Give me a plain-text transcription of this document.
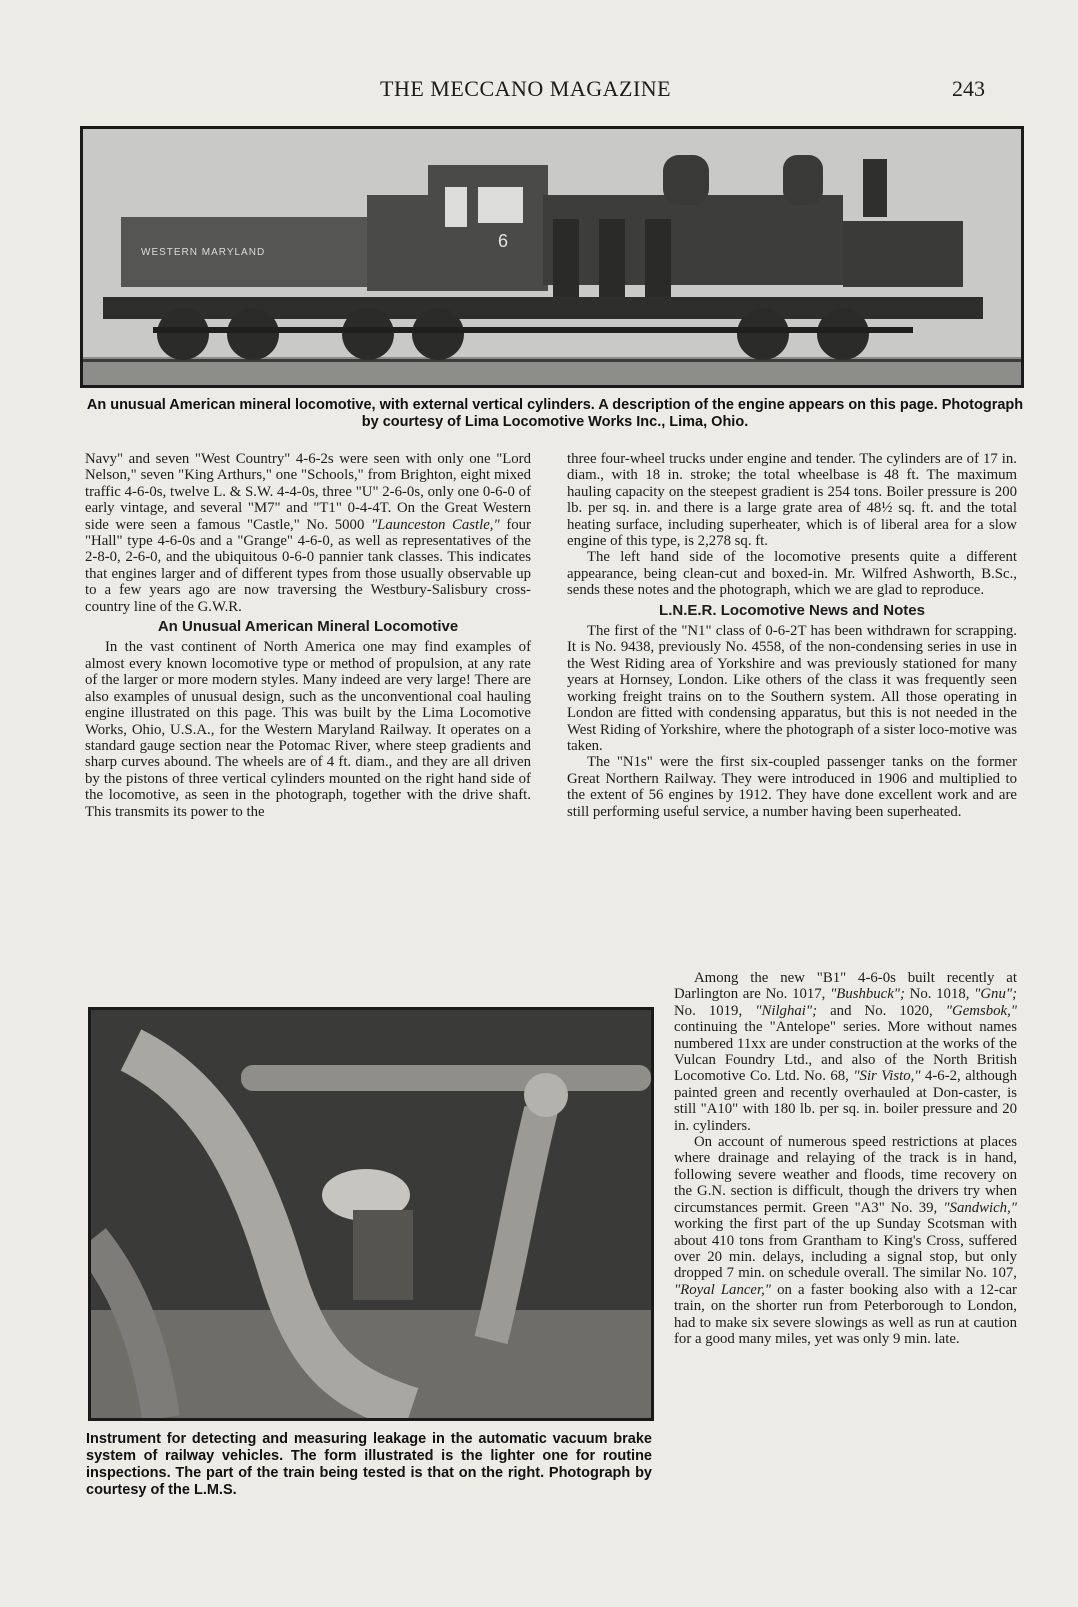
THE MECCANO MAGAZINE	243
6
WESTERN MARYLAND
An unusual American mineral locomotive, with external vertical cylinders. A description of the engine appears on this page. Photograph by courtesy of Lima Locomotive Works Inc., Lima, Ohio.

Navy" and seven "West Country" 4-6-2s were seen with only one "Lord Nelson," seven "King Arthurs," one "Schools," from Brighton, eight mixed traffic 4-6-0s, twelve L. & S.W. 4-4-0s, three "U" 2-6-0s, only one 0-6-0 of early vintage, and several "M7" and "T1" 0-4-4T. On the Great Western side were seen a famous "Castle," No. 5000 "Launceston Castle," four "Hall" type 4-6-0s and a "Grange" 4-6-0, as well as representatives of the 2-8-0, 2-6-0, and the ubiquitous 0-6-0 pannier tank classes. This indicates that engines larger and of different types from those usually observable up to a few years ago are now traversing the Westbury-Salisbury cross-country line of the G.W.R.

An Unusual American Mineral Locomotive

In the vast continent of North America one may find examples of almost every known locomotive type or method of propulsion, at any rate of the larger or more modern styles. Many indeed are very large! There are also examples of unusual design, such as the unconventional coal hauling engine illustrated on this page. This was built by the Lima Locomotive Works, Ohio, U.S.A., for the Western Maryland Railway. It operates on a standard gauge section near the Potomac River, where steep gradients and sharp curves abound. The wheels are of 4 ft. diam., and they are all driven by the pistons of three vertical cylinders mounted on the right hand side of the locomotive, as seen in the photograph, together with the drive shaft. This transmits its power to the

three four-wheel trucks under engine and tender. The cylinders are of 17 in. diam., with 18 in. stroke; the total wheelbase is 48 ft. The maximum hauling capacity on the steepest gradient is 254 tons. Boiler pressure is 200 lb. per sq. in. and there is a large grate area of 48½ sq. ft. and the total heating surface, including superheater, which is of liberal area for a slow engine of this type, is 2,278 sq. ft.

The left hand side of the locomotive presents quite a different appearance, being clean-cut and boxed-in. Mr. Wilfred Ashworth, B.Sc., sends these notes and the photograph, which we are glad to reproduce.

L.N.E.R. Locomotive News and Notes

The first of the "N1" class of 0-6-2T has been withdrawn for scrapping. It is No. 9438, previously No. 4558, of the non-condensing series in use in the West Riding area of Yorkshire and was previously stationed for many years at Hornsey, London. Like others of the class it was frequently seen working freight trains on to the Southern system. All those operating in London are fitted with condensing apparatus, but this is not needed in the West Riding of Yorkshire, where the photograph of a sister loco-motive was taken.

The "N1s" were the first six-coupled passenger tanks on the former Great Northern Railway. They were introduced in 1906 and multiplied to the extent of 56 engines by 1912. They have done excellent work and are still performing useful service, a number having been superheated.

Among the new "B1" 4-6-0s built recently at Darlington are No. 1017, "Bushbuck"; No. 1018, "Gnu"; No. 1019, "Nilghai"; and No. 1020, "Gemsbok," continuing the "Antelope" series. More without names numbered 11xx are under construction at the works of the Vulcan Foundry Ltd., and also of the North British Locomotive Co. Ltd. No. 68, "Sir Visto," 4-6-2, although painted green and recently overhauled at Don-caster, is still "A10" with 180 lb. per sq. in. boiler pressure and 20 in. cylinders.

On account of numerous speed restrictions at places where drainage and relaying of the track is in hand, following severe weather and floods, time recovery on the G.N. section is difficult, though the drivers try when circumstances permit. Green "A3" No. 39, "Sandwich," working the first part of the up Sunday Scotsman with about 410 tons from Grantham to King's Cross, suffered over 20 min. delays, including a signal stop, but only dropped 7 min. on schedule overall. The similar No. 107, "Royal Lancer," on a faster booking also with a 12-car train, on the shorter run from Peterborough to London, had to make six severe slowings as well as run at caution for a good many miles, yet was only 9 min. late.

Instrument for detecting and measuring leakage in the automatic vacuum brake system of railway vehicles. The form illustrated is the lighter one for routine inspections. The part of the train being tested is that on the right. Photograph by courtesy of the L.M.S.
